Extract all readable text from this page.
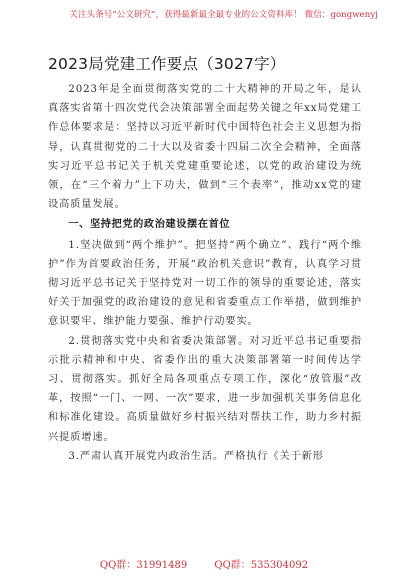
关注头条号“公文研究”，获得最新最全最专业的公文资料库！ 微信：gongwenyj
2023局党建工作要点（3027字）

2023年是全面贯彻落实党的二十大精神的开局之年，是认真落实省第十四次党代会决策部署全面起势关键之年xx局党建工作总体要求是：坚持以习近平新时代中国特色社会主义思想为指导，认真贯彻党的二十大以及省委十四届二次全会精神，全面落实习近平总书记关于机关党建重要论述，以党的政治建设为统领，在“三个着力”上下功夫，做到“三个表率”，推动xx党的建设高质量发展。

一、坚持把党的政治建设摆在首位

1.坚决做到“两个维护”。把坚持“两个确立”、践行“两个维护”作为首要政治任务，开展“政治机关意识”教育，认真学习贯彻习近平总书记关于坚持党对一切工作的领导的重要论述，落实好关于加强党的政治建设的意见和省委重点工作举措，做到维护意识要牢、维护能力要强、维护行动要实。

2.贯彻落实党中央和省委决策部署。对习近平总书记重要指示批示精神和中央、省委作出的重大决策部署第一时间传达学习、贯彻落实。抓好全局各项重点专项工作，深化“放管服”改革，按照“一门、一网、一次”要求，进一步加强机关事务信息化和标准化建设。高质量做好乡村振兴结对帮扶工作，助力乡村振兴提质增速。

3.严肃认真开展党内政治生活。严格执行《关于新形

QQ群：31991489	QQ群：535304092
